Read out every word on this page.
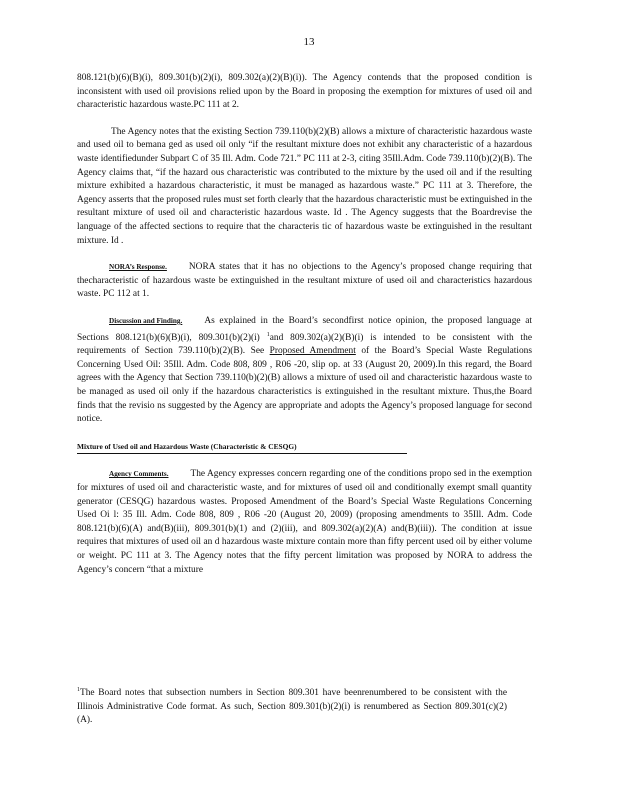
13

808.121(b)(6)(B)(i), 809.301(b)(2)(i), 809.302(a)(2)(B)(i)). The Agency contends that the proposed condition is inconsistent with used oil provisions relied upon by the Board in proposing the exemption for mixtures of used oil and characteristic hazardous waste.PC 111 at 2.

The Agency notes that the existing Section 739.110(b)(2)(B) allows a mixture of characteristic hazardous waste and used oil to bemana ged as used oil only “if the resultant mixture does not exhibit any characteristic of a hazardous waste identifiedunder Subpart C of 35 Ill. Adm. Code 721.” PC 111 at 2-3, citing 35Ill.Adm. Code 739.110(b)(2)(B). The Agency claims that, “if the hazard ous characteristic was contributed to the mixture by the used oil and if the resulting mixture exhibited a hazardous characteristic, it must be managed as hazardous waste.” PC 111 at 3. Therefore, the Agency asserts that the proposed rules must set forth clearly that the hazardous characteristic must be extinguished in the resultant mixture of used oil and characteristic hazardous waste. Id . The Agency suggests that the Boardrevise the language of the affected sections to require that the characteris tic of hazardous waste be extinguished in the resultant mixture. Id .

NORA’s Response. NORA states that it has no objections to the Agency’s proposed change requiring that thecharacteristic of hazardous waste be extinguished in the resultant mixture of used oil and characteristics hazardous waste. PC 112 at 1.

Discussion and Finding. As explained in the Board’s secondfirst notice opinion, the proposed language at Sections 808.121(b)(6)(B)(i), 809.301(b)(2)(i) $^1$and 809.302(a)(2)(B)(i) is intended to be consistent with the requirements of Section 739.110(b)(2)(B). See Proposed Amendment of the Board’s Special Waste Regulations Concerning Used Oil: 35Ill. Adm. Code 808, 809 , R06 -20, slip op. at 33 (August 20, 2009).In this regard, the Board agrees with the Agency that Section 739.110(b)(2)(B) allows a mixture of used oil and characteristic hazardous waste to be managed as used oil only if the hazardous characteristics is extinguished in the resultant mixture. Thus,the Board finds that the revisio ns suggested by the Agency are appropriate and adopts the Agency’s proposed language for second notice.

Mixture of Used oil and Hazardous Waste (Characteristic & CESQG)

Agency Comments. The Agency expresses concern regarding one of the conditions propo sed in the exemption for mixtures of used oil and characteristic waste, and for mixtures of used oil and conditionally exempt small quantity generator (CESQG) hazardous wastes. Proposed Amendment of the Board’s Special Waste Regulations Concerning Used Oi l: 35 Ill. Adm. Code 808, 809 , R06 -20 (August 20, 2009) (proposing amendments to 35Ill. Adm. Code 808.121(b)(6)(A) and(B)(iii), 809.301(b)(1) and (2)(iii), and 809.302(a)(2)(A) and(B)(iii)). The condition at issue requires that mixtures of used oil an d hazardous waste mixture contain more than fifty percent used oil by either volume or weight. PC 111 at 3. The Agency notes that the fifty percent limitation was proposed by NORA to address the Agency’s concern “that a mixture

$^1$The Board notes that subsection numbers in Section 809.301 have beenrenumbered to be consistent with the Illinois Administrative Code format. As such, Section 809.301(b)(2)(i) is renumbered as Section 809.301(c)(2)(A).
